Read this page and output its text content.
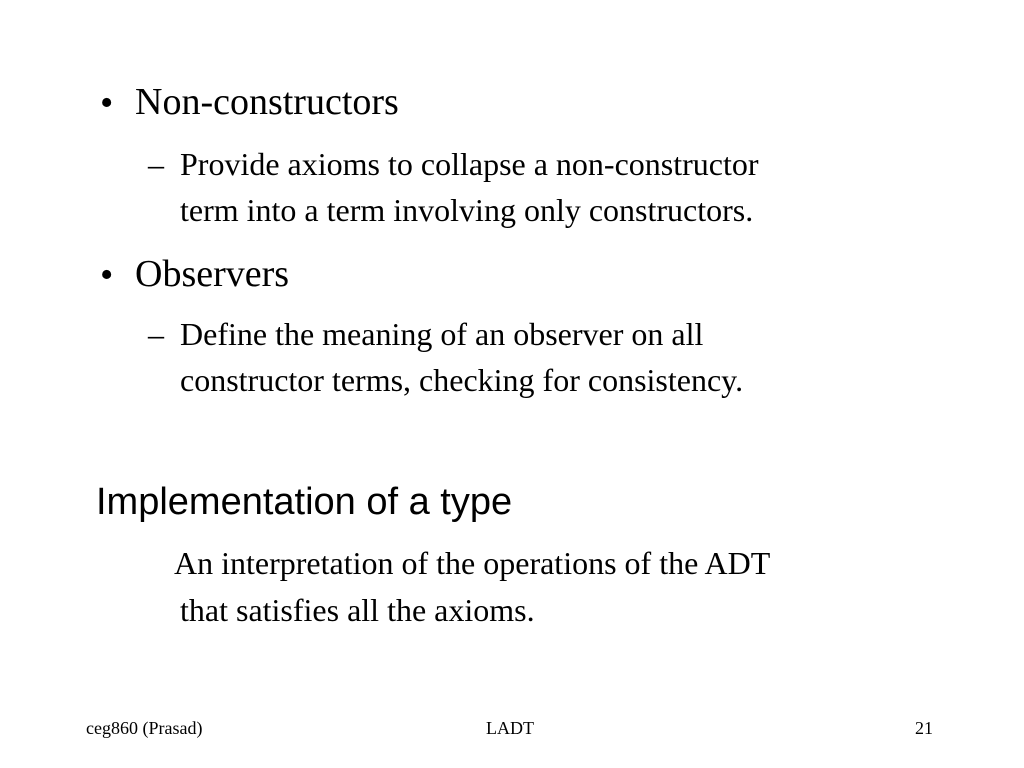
• Non-constructors
– Provide axioms to collapse a non-constructor
term into a term involving only constructors.
• Observers
– Define the meaning of an observer on all
constructor terms, checking for consistency.
Implementation of a type
An interpretation of the operations of the ADT
that satisfies all the axioms.
ceg860 (Prasad)	LADT	21
